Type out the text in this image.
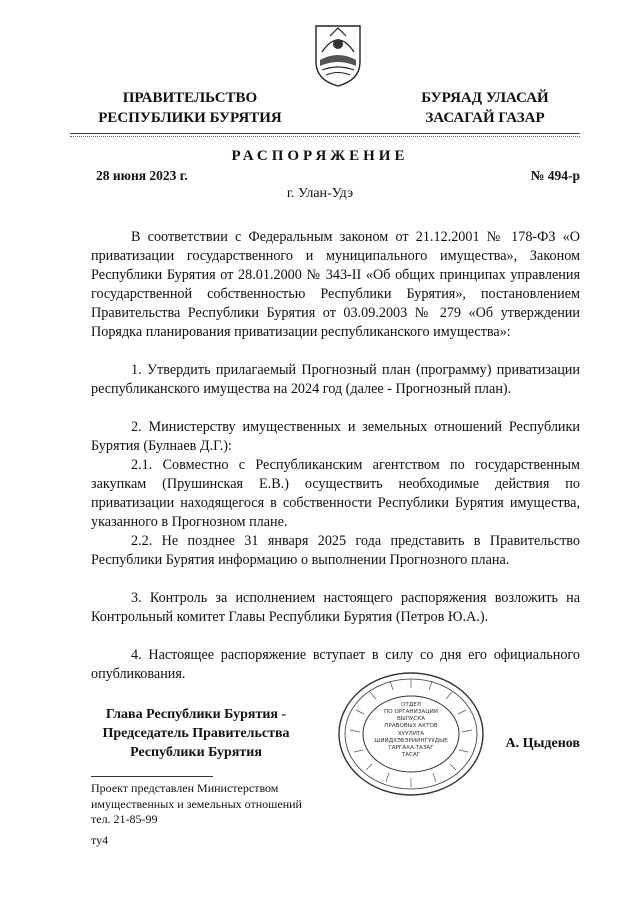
ПРАВИТЕЛЬСТВО
РЕСПУБЛИКИ БУРЯТИЯ
БУРЯАД УЛАСАЙ
ЗАСАГАЙ ГАЗАР
РАСПОРЯЖЕНИЕ
28 июня 2023 г.	№ 494-р
г. Улан-Удэ

В соответствии с Федеральным законом от 21.12.2001 № 178-ФЗ «О приватизации государственного и муниципального имущества», Законом Республики Бурятия от 28.01.2000 № 343-II «Об общих принципах управления государственной собственностью Республики Бурятия», постановлением Правительства Республики Бурятия от 03.09.2003 № 279 «Об утверждении Порядка планирования приватизации республиканского имущества»:

1. Утвердить прилагаемый Прогнозный план (программу) приватизации республиканского имущества на 2024 год (далее - Прогнозный план).

2. Министерству имущественных и земельных отношений Республики Бурятия (Булнаев Д.Г.):

2.1. Совместно с Республиканским агентством по государственным закупкам (Прушинская Е.В.) осуществить необходимые действия по приватизации находящегося в собственности Республики Бурятия имущества, указанного в Прогнозном плане.

2.2. Не позднее 31 января 2025 года представить в Правительство Республики Бурятия информацию о выполнении Прогнозного плана.

3. Контроль за исполнением настоящего распоряжения возложить на Контрольный комитет Главы Республики Бурятия (Петров Ю.А.).

4. Настоящее распоряжение вступает в силу со дня его официального опубликования.

ОТДЕЛ
ПО ОРГАНИЗАЦИИ
ВЫПУСКА
ПРАВОВЫХ АКТОВ
ХУУЛИТА
ШИИДХЭБЭРИИНГУУДЫЕ
ГАРГАХА ТАЗАГ
ТАСАГ
Глава Республики Бурятия -
Председатель Правительства
Республики Бурятия
А. Цыденов
Проект представлен Министерством
имущественных и земельных отношений
тел. 21-85-99
ту4
